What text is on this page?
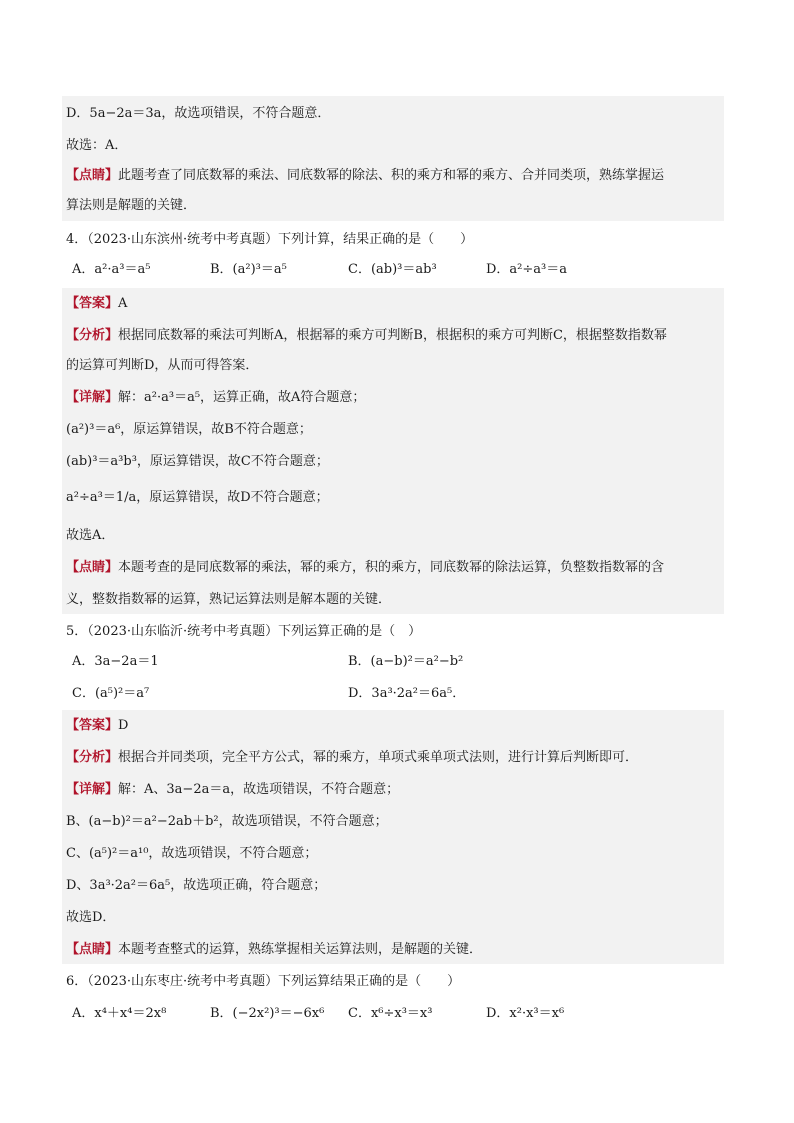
D．5a−2a＝3a，故选项错误，不符合题意．
故选：A．
【点睛】此题考查了同底数幂的乘法、同底数幂的除法、积的乘方和幂的乘方、合并同类项，熟练掌握运
算法则是解题的关键．
4．（2023·山东滨州·统考中考真题）下列计算，结果正确的是（　　）
A．a²·a³＝a⁵	B．(a²)³＝a⁵	C．(ab)³＝ab³	D．a²÷a³＝a
【答案】A
【分析】根据同底数幂的乘法可判断A，根据幂的乘方可判断B，根据积的乘方可判断C，根据整数指数幂
的运算可判断D，从而可得答案．
【详解】解：a²·a³＝a⁵，运算正确，故A符合题意；
(a²)³＝a⁶，原运算错误，故B不符合题意；
(ab)³＝a³b³，原运算错误，故C不符合题意；
a²÷a³＝1/a，原运算错误，故D不符合题意；
故选A．
【点睛】本题考查的是同底数幂的乘法，幂的乘方，积的乘方，同底数幂的除法运算，负整数指数幂的含
义，整数指数幂的运算，熟记运算法则是解本题的关键．
5．（2023·山东临沂·统考中考真题）下列运算正确的是（　）
A．3a−2a＝1	B．(a−b)²＝a²−b²
C．(a⁵)²＝a⁷	D．3a³·2a²＝6a⁵．
【答案】D
【分析】根据合并同类项，完全平方公式，幂的乘方，单项式乘单项式法则，进行计算后判断即可．
【详解】解：A、3a−2a＝a，故选项错误，不符合题意；
B、(a−b)²＝a²−2ab＋b²，故选项错误，不符合题意；
C、(a⁵)²＝a¹⁰，故选项错误，不符合题意；
D、3a³·2a²＝6a⁵，故选项正确，符合题意；
故选D．
【点睛】本题考查整式的运算，熟练掌握相关运算法则，是解题的关键．
6．（2023·山东枣庄·统考中考真题）下列运算结果正确的是（　　）
A．x⁴＋x⁴＝2x⁸	B．(−2x²)³＝−6x⁶ C．x⁶÷x³＝x³	D．x²·x³＝x⁶
